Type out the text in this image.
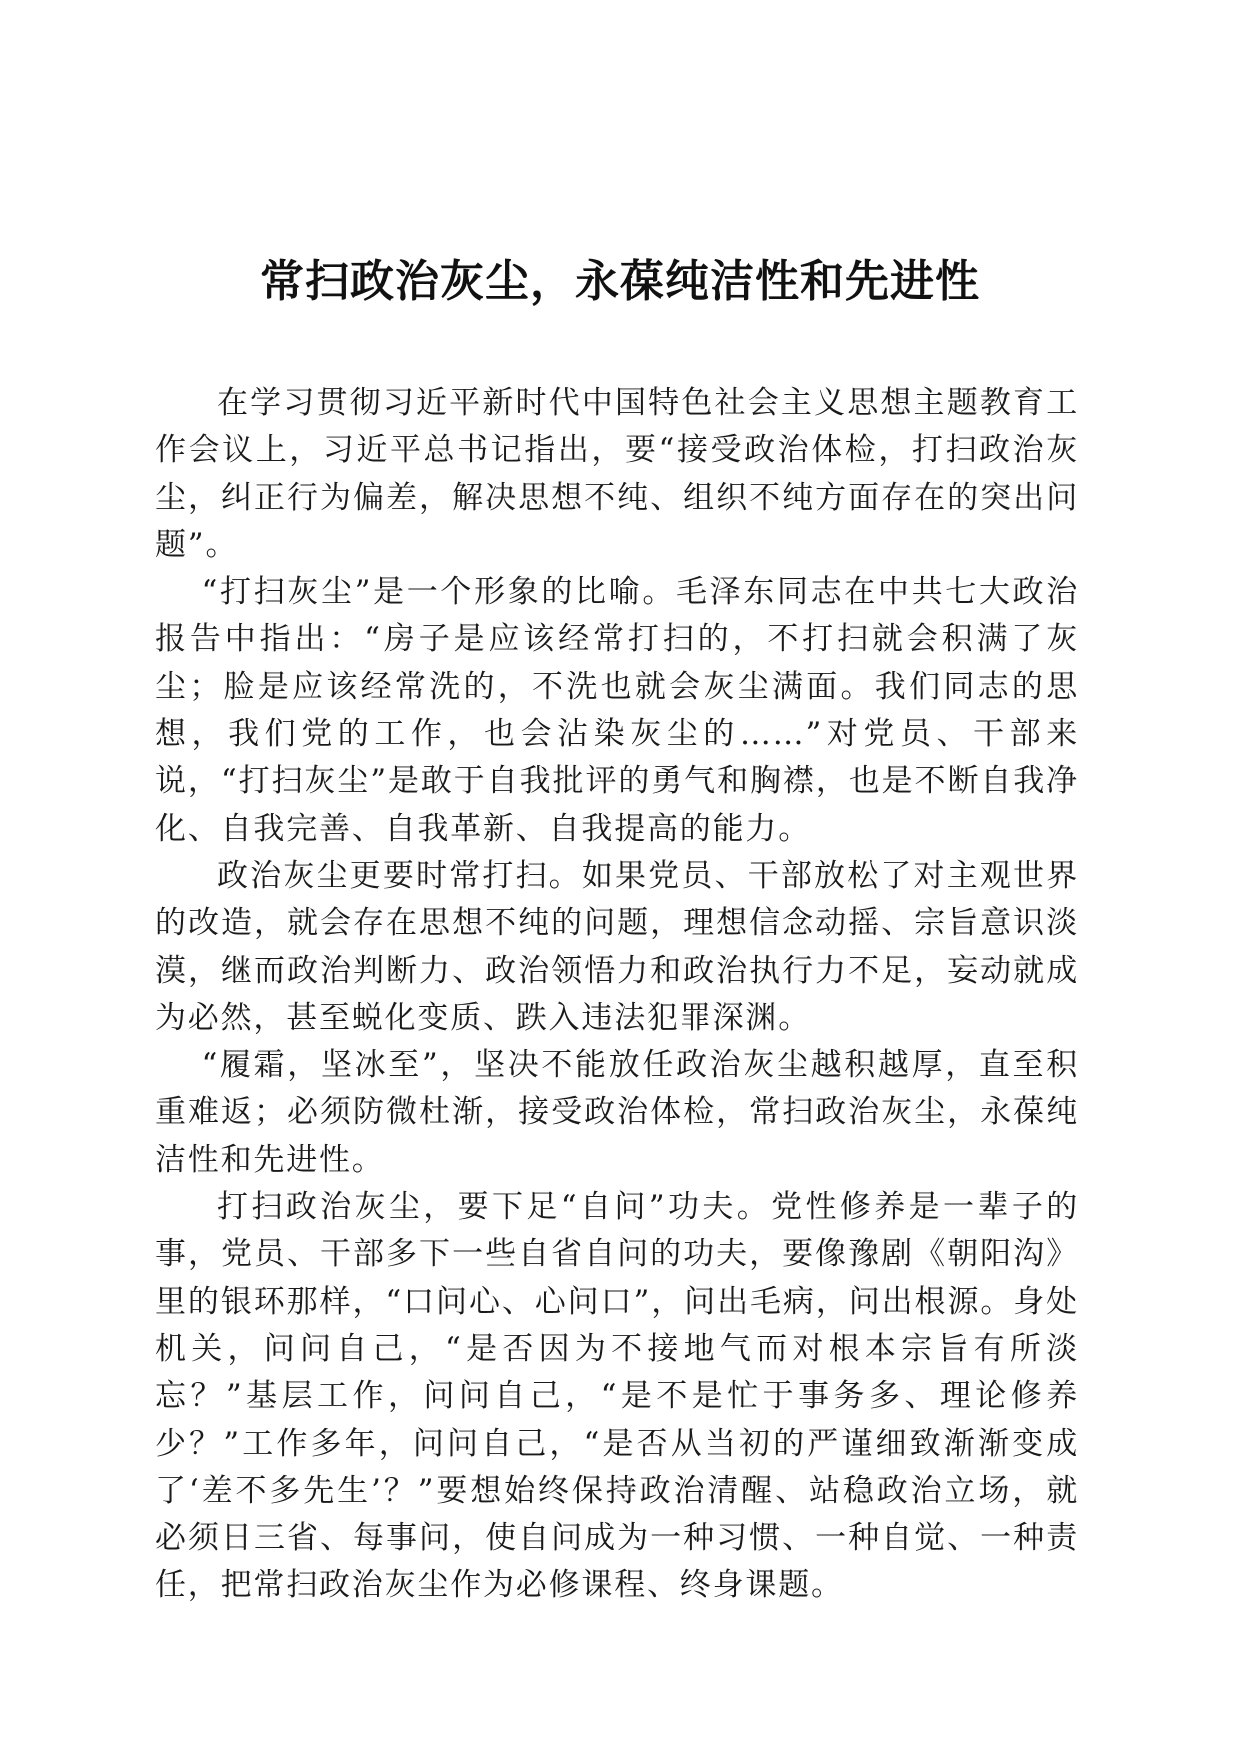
常扫政治灰尘，永葆纯洁性和先进性

在学习贯彻习近平新时代中国特色社会主义思想主题教育工作会议上，习近平总书记指出，要“接受政治体检，打扫政治灰尘，纠正行为偏差，解决思想不纯、组织不纯方面存在的突出问题”。

“打扫灰尘”是一个形象的比喻。毛泽东同志在中共七大政治报告中指出：“房子是应该经常打扫的，不打扫就会积满了灰尘；脸是应该经常洗的，不洗也就会灰尘满面。我们同志的思想，我们党的工作，也会沾染灰尘的……”对党员、干部来说，“打扫灰尘”是敢于自我批评的勇气和胸襟，也是不断自我净化、自我完善、自我革新、自我提高的能力。

政治灰尘更要时常打扫。如果党员、干部放松了对主观世界的改造，就会存在思想不纯的问题，理想信念动摇、宗旨意识淡漠，继而政治判断力、政治领悟力和政治执行力不足，妄动就成为必然，甚至蜕化变质、跌入违法犯罪深渊。

“履霜，坚冰至”，坚决不能放任政治灰尘越积越厚，直至积重难返；必须防微杜渐，接受政治体检，常扫政治灰尘，永葆纯洁性和先进性。

打扫政治灰尘，要下足“自问”功夫。党性修养是一辈子的事，党员、干部多下一些自省自问的功夫，要像豫剧《朝阳沟》里的银环那样，“口问心、心问口”，问出毛病，问出根源。身处机关，问问自己，“是否因为不接地气而对根本宗旨有所淡忘？”基层工作，问问自己，“是不是忙于事务多、理论修养少？”工作多年，问问自己，“是否从当初的严谨细致渐渐变成了‘差不多先生’？”要想始终保持政治清醒、站稳政治立场，就必须日三省、每事问，使自问成为一种习惯、一种自觉、一种责任，把常扫政治灰尘作为必修课程、终身课题。
